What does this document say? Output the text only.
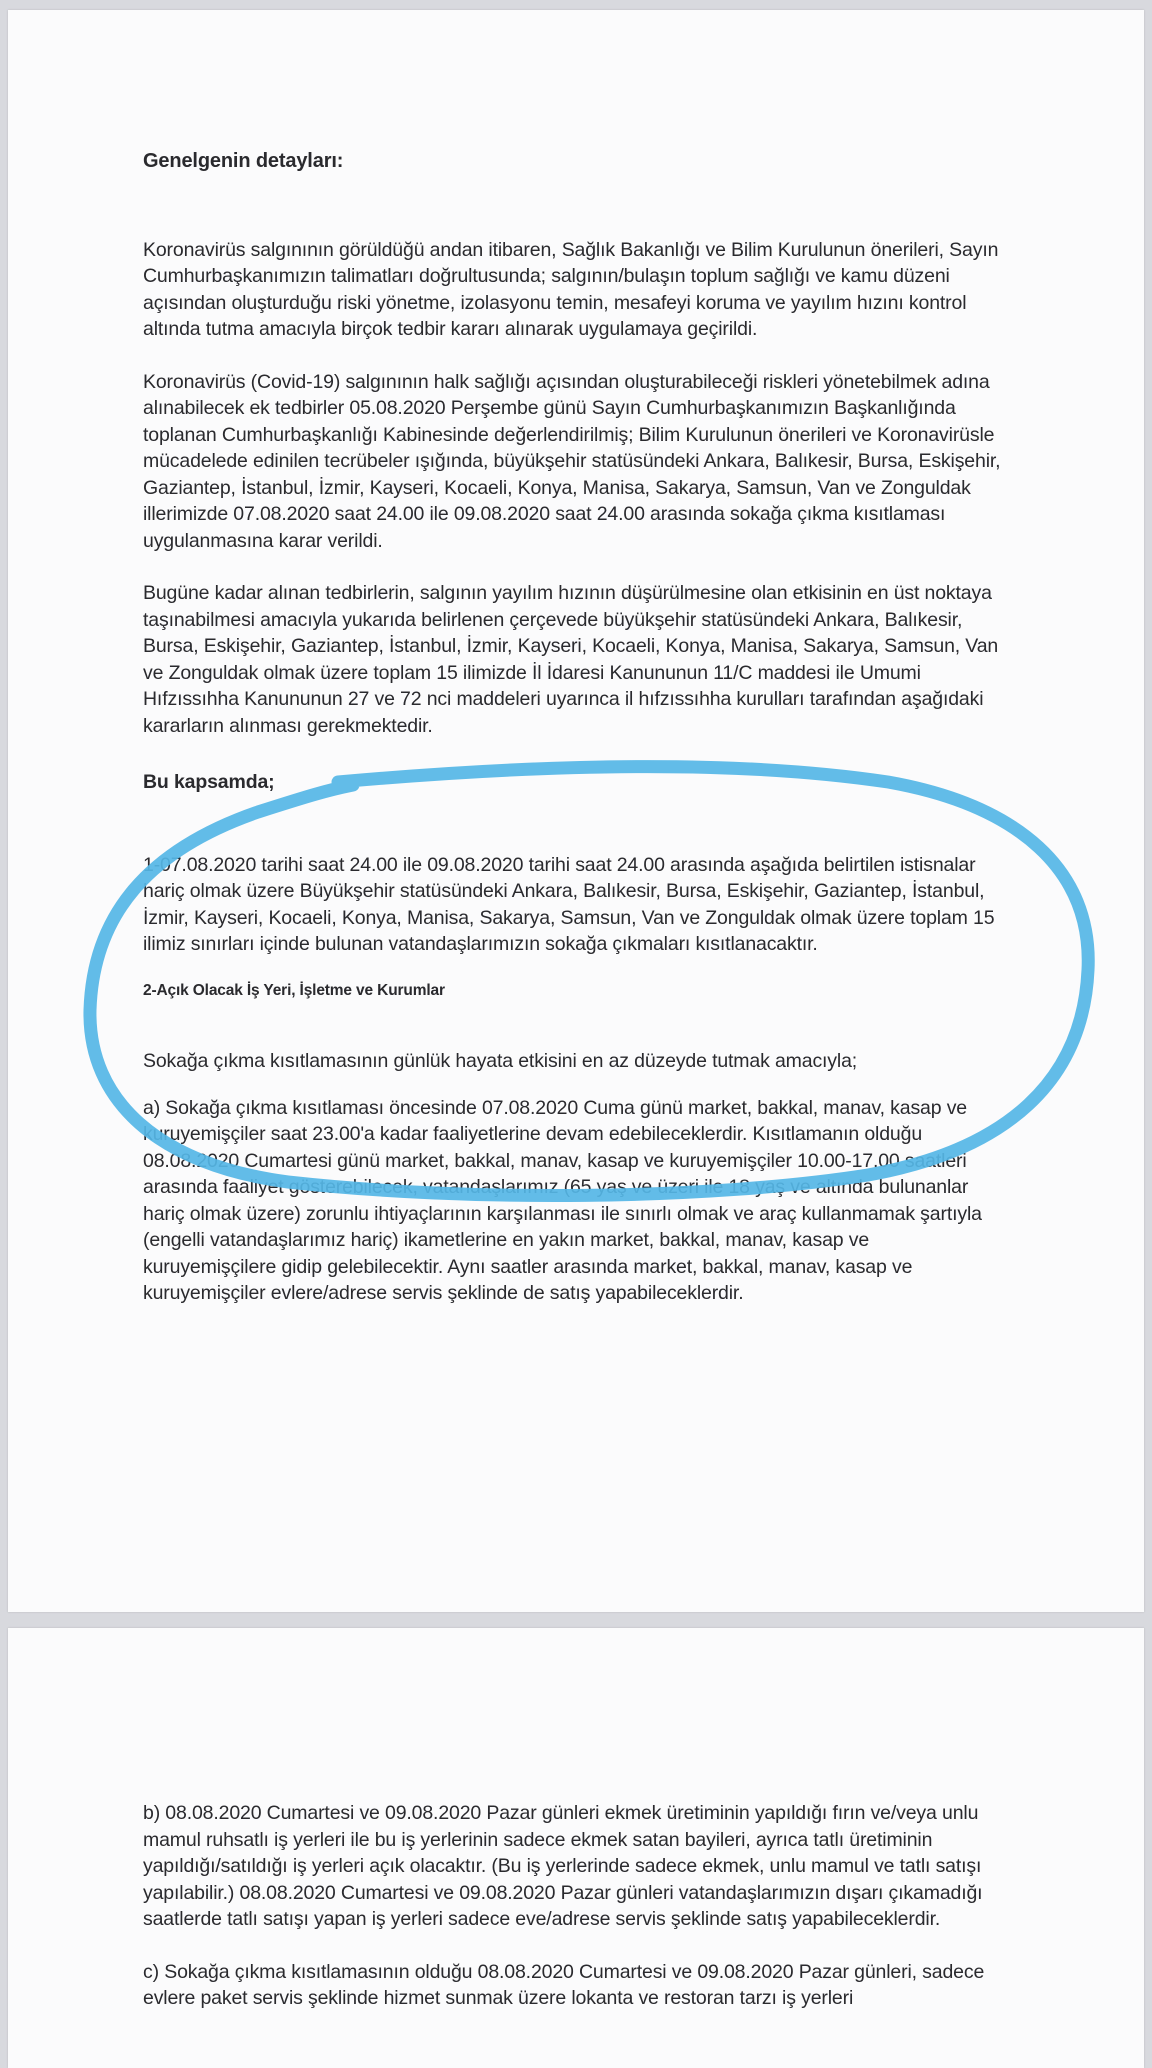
Genelgenin detayları:

Koronavirüs salgınının görüldüğü andan itibaren, Sağlık Bakanlığı ve Bilim Kurulunun önerileri, Sayın Cumhurbaşkanımızın talimatları doğrultusunda; salgının/bulaşın toplum sağlığı ve kamu düzeni açısından oluşturduğu riski yönetme, izolasyonu temin, mesafeyi koruma ve yayılım hızını kontrol altında tutma amacıyla birçok tedbir kararı alınarak uygulamaya geçirildi.

Koronavirüs (Covid-19) salgınının halk sağlığı açısından oluşturabileceği riskleri yönetebilmek adına alınabilecek ek tedbirler 05.08.2020 Perşembe günü Sayın Cumhurbaşkanımızın Başkanlığında toplanan Cumhurbaşkanlığı Kabinesinde değerlendirilmiş; Bilim Kurulunun önerileri ve Koronavirüsle mücadelede edinilen tecrübeler ışığında, büyükşehir statüsündeki Ankara, Balıkesir, Bursa, Eskişehir, Gaziantep, İstanbul, İzmir, Kayseri, Kocaeli, Konya, Manisa, Sakarya, Samsun, Van ve Zonguldak illerimizde 07.08.2020 saat 24.00 ile 09.08.2020 saat 24.00 arasında sokağa çıkma kısıtlaması uygulanmasına karar verildi.

Bugüne kadar alınan tedbirlerin, salgının yayılım hızının düşürülmesine olan etkisinin en üst noktaya taşınabilmesi amacıyla yukarıda belirlenen çerçevede büyükşehir statüsündeki Ankara, Balıkesir, Bursa, Eskişehir, Gaziantep, İstanbul, İzmir, Kayseri, Kocaeli, Konya, Manisa, Sakarya, Samsun, Van ve Zonguldak olmak üzere toplam 15 ilimizde İl İdaresi Kanununun 11/C maddesi ile Umumi Hıfzıssıhha Kanununun 27 ve 72 nci maddeleri uyarınca il hıfzıssıhha kurulları tarafından aşağıdaki kararların alınması gerekmektedir.

Bu kapsamda;

1-07.08.2020 tarihi saat 24.00 ile 09.08.2020 tarihi saat 24.00 arasında aşağıda belirtilen istisnalar hariç olmak üzere Büyükşehir statüsündeki Ankara, Balıkesir, Bursa, Eskişehir, Gaziantep, İstanbul, İzmir, Kayseri, Kocaeli, Konya, Manisa, Sakarya, Samsun, Van ve Zonguldak olmak üzere toplam 15 ilimiz sınırları içinde bulunan vatandaşlarımızın sokağa çıkmaları kısıtlanacaktır.

2-Açık Olacak İş Yeri, İşletme ve Kurumlar

Sokağa çıkma kısıtlamasının günlük hayata etkisini en az düzeyde tutmak amacıyla;

a) Sokağa çıkma kısıtlaması öncesinde 07.08.2020 Cuma günü market, bakkal, manav, kasap ve kuruyemişçiler saat 23.00'a kadar faaliyetlerine devam edebileceklerdir. Kısıtlamanın olduğu 08.08.2020 Cumartesi günü market, bakkal, manav, kasap ve kuruyemişçiler 10.00-17.00 saatleri arasında faaliyet gösterebilecek, vatandaşlarımız (65 yaş ve üzeri ile 18 yaş ve altında bulunanlar hariç olmak üzere) zorunlu ihtiyaçlarının karşılanması ile sınırlı olmak ve araç kullanmamak şartıyla (engelli vatandaşlarımız hariç) ikametlerine en yakın market, bakkal, manav, kasap ve kuruyemişçilere gidip gelebilecektir. Aynı saatler arasında market, bakkal, manav, kasap ve kuruyemişçiler evlere/adrese servis şeklinde de satış yapabileceklerdir.

b) 08.08.2020 Cumartesi ve 09.08.2020 Pazar günleri ekmek üretiminin yapıldığı fırın ve/veya unlu mamul ruhsatlı iş yerleri ile bu iş yerlerinin sadece ekmek satan bayileri, ayrıca tatlı üretiminin yapıldığı/satıldığı iş yerleri açık olacaktır. (Bu iş yerlerinde sadece ekmek, unlu mamul ve tatlı satışı yapılabilir.) 08.08.2020 Cumartesi ve 09.08.2020 Pazar günleri vatandaşlarımızın dışarı çıkamadığı saatlerde tatlı satışı yapan iş yerleri sadece eve/adrese servis şeklinde satış yapabileceklerdir.

c) Sokağa çıkma kısıtlamasının olduğu 08.08.2020 Cumartesi ve 09.08.2020 Pazar günleri, sadece evlere paket servis şeklinde hizmet sunmak üzere lokanta ve restoran tarzı iş yerleri
